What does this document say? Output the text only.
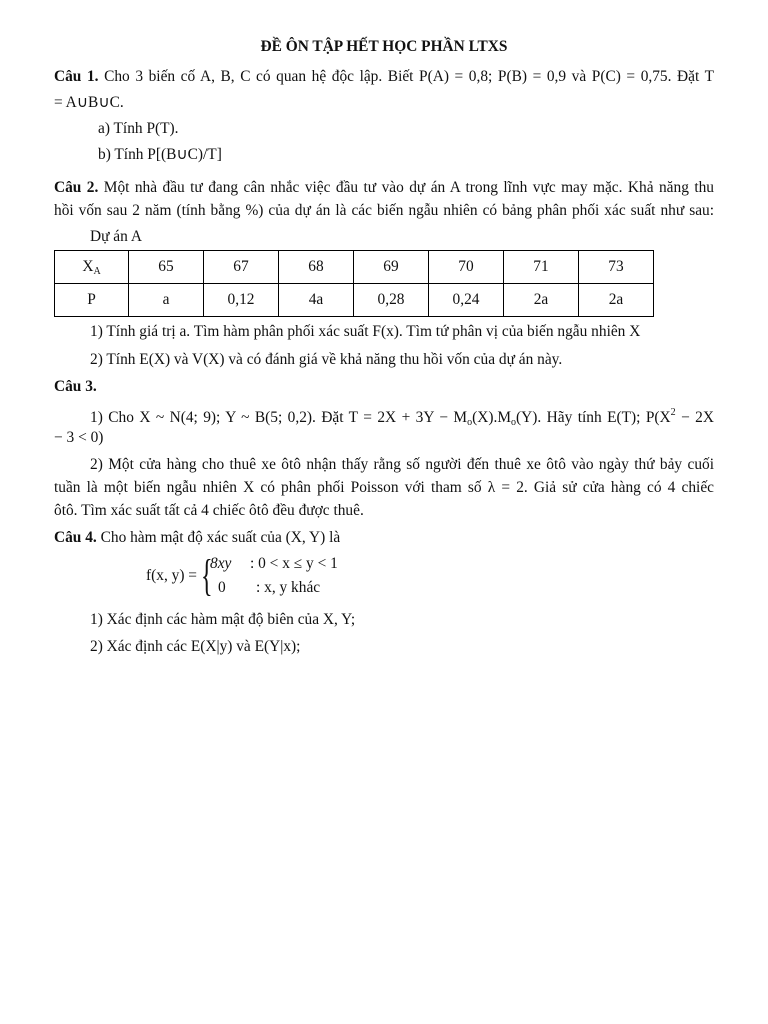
ĐỀ ÔN TẬP HẾT HỌC PHẦN LTXS
Câu 1. Cho 3 biến cố A, B, C có quan hệ độc lập. Biết P(A) = 0,8; P(B) = 0,9 và P(C) = 0,75. Đặt T
= A∪B∪C.
a) Tính P(T).
b) Tính P[(B∪C)/T]
Câu 2. Một nhà đầu tư đang cân nhắc việc đầu tư vào dự án A trong lĩnh vực may mặc. Khả năng thu
hồi vốn sau 2 năm (tính bằng %) của dự án là các biến ngẫu nhiên có bảng phân phối xác suất như sau:
Dự án A
$X_A$	65	67	68	69	70	71	73
P	a	0,12	4a	0,28	0,24	2a	2a
1) Tính giá trị a. Tìm hàm phân phối xác suất F(x). Tìm tứ phân vị của biến ngẫu nhiên X
2) Tính E(X) và V(X) và có đánh giá về khả năng thu hồi vốn của dự án này.
Câu 3.
1) Cho X ~ N(4; 9); Y ~ B(5; 0,2). Đặt $T = 2X + 3Y - M_o(X).M_o(Y)$. Hãy tính E(T); $P(X^2 - 2X$
− 3 < 0)
2) Một cửa hàng cho thuê xe ôtô nhận thấy rằng số người đến thuê xe ôtô vào ngày thứ bảy cuối
tuần là một biến ngẫu nhiên X có phân phối Poisson với tham số λ = 2. Giả sử cửa hàng có 4 chiếc
ôtô. Tìm xác suất tất cả 4 chiếc ôtô đều được thuê.
Câu 4. Cho hàm mật độ xác suất của (X, Y) là
f(x, y) = {
8xy : 0 < x ≤ y < 1
0 : x, y khác
1) Xác định các hàm mật độ biên của X, Y;
2) Xác định các E(X|y) và E(Y|x);
